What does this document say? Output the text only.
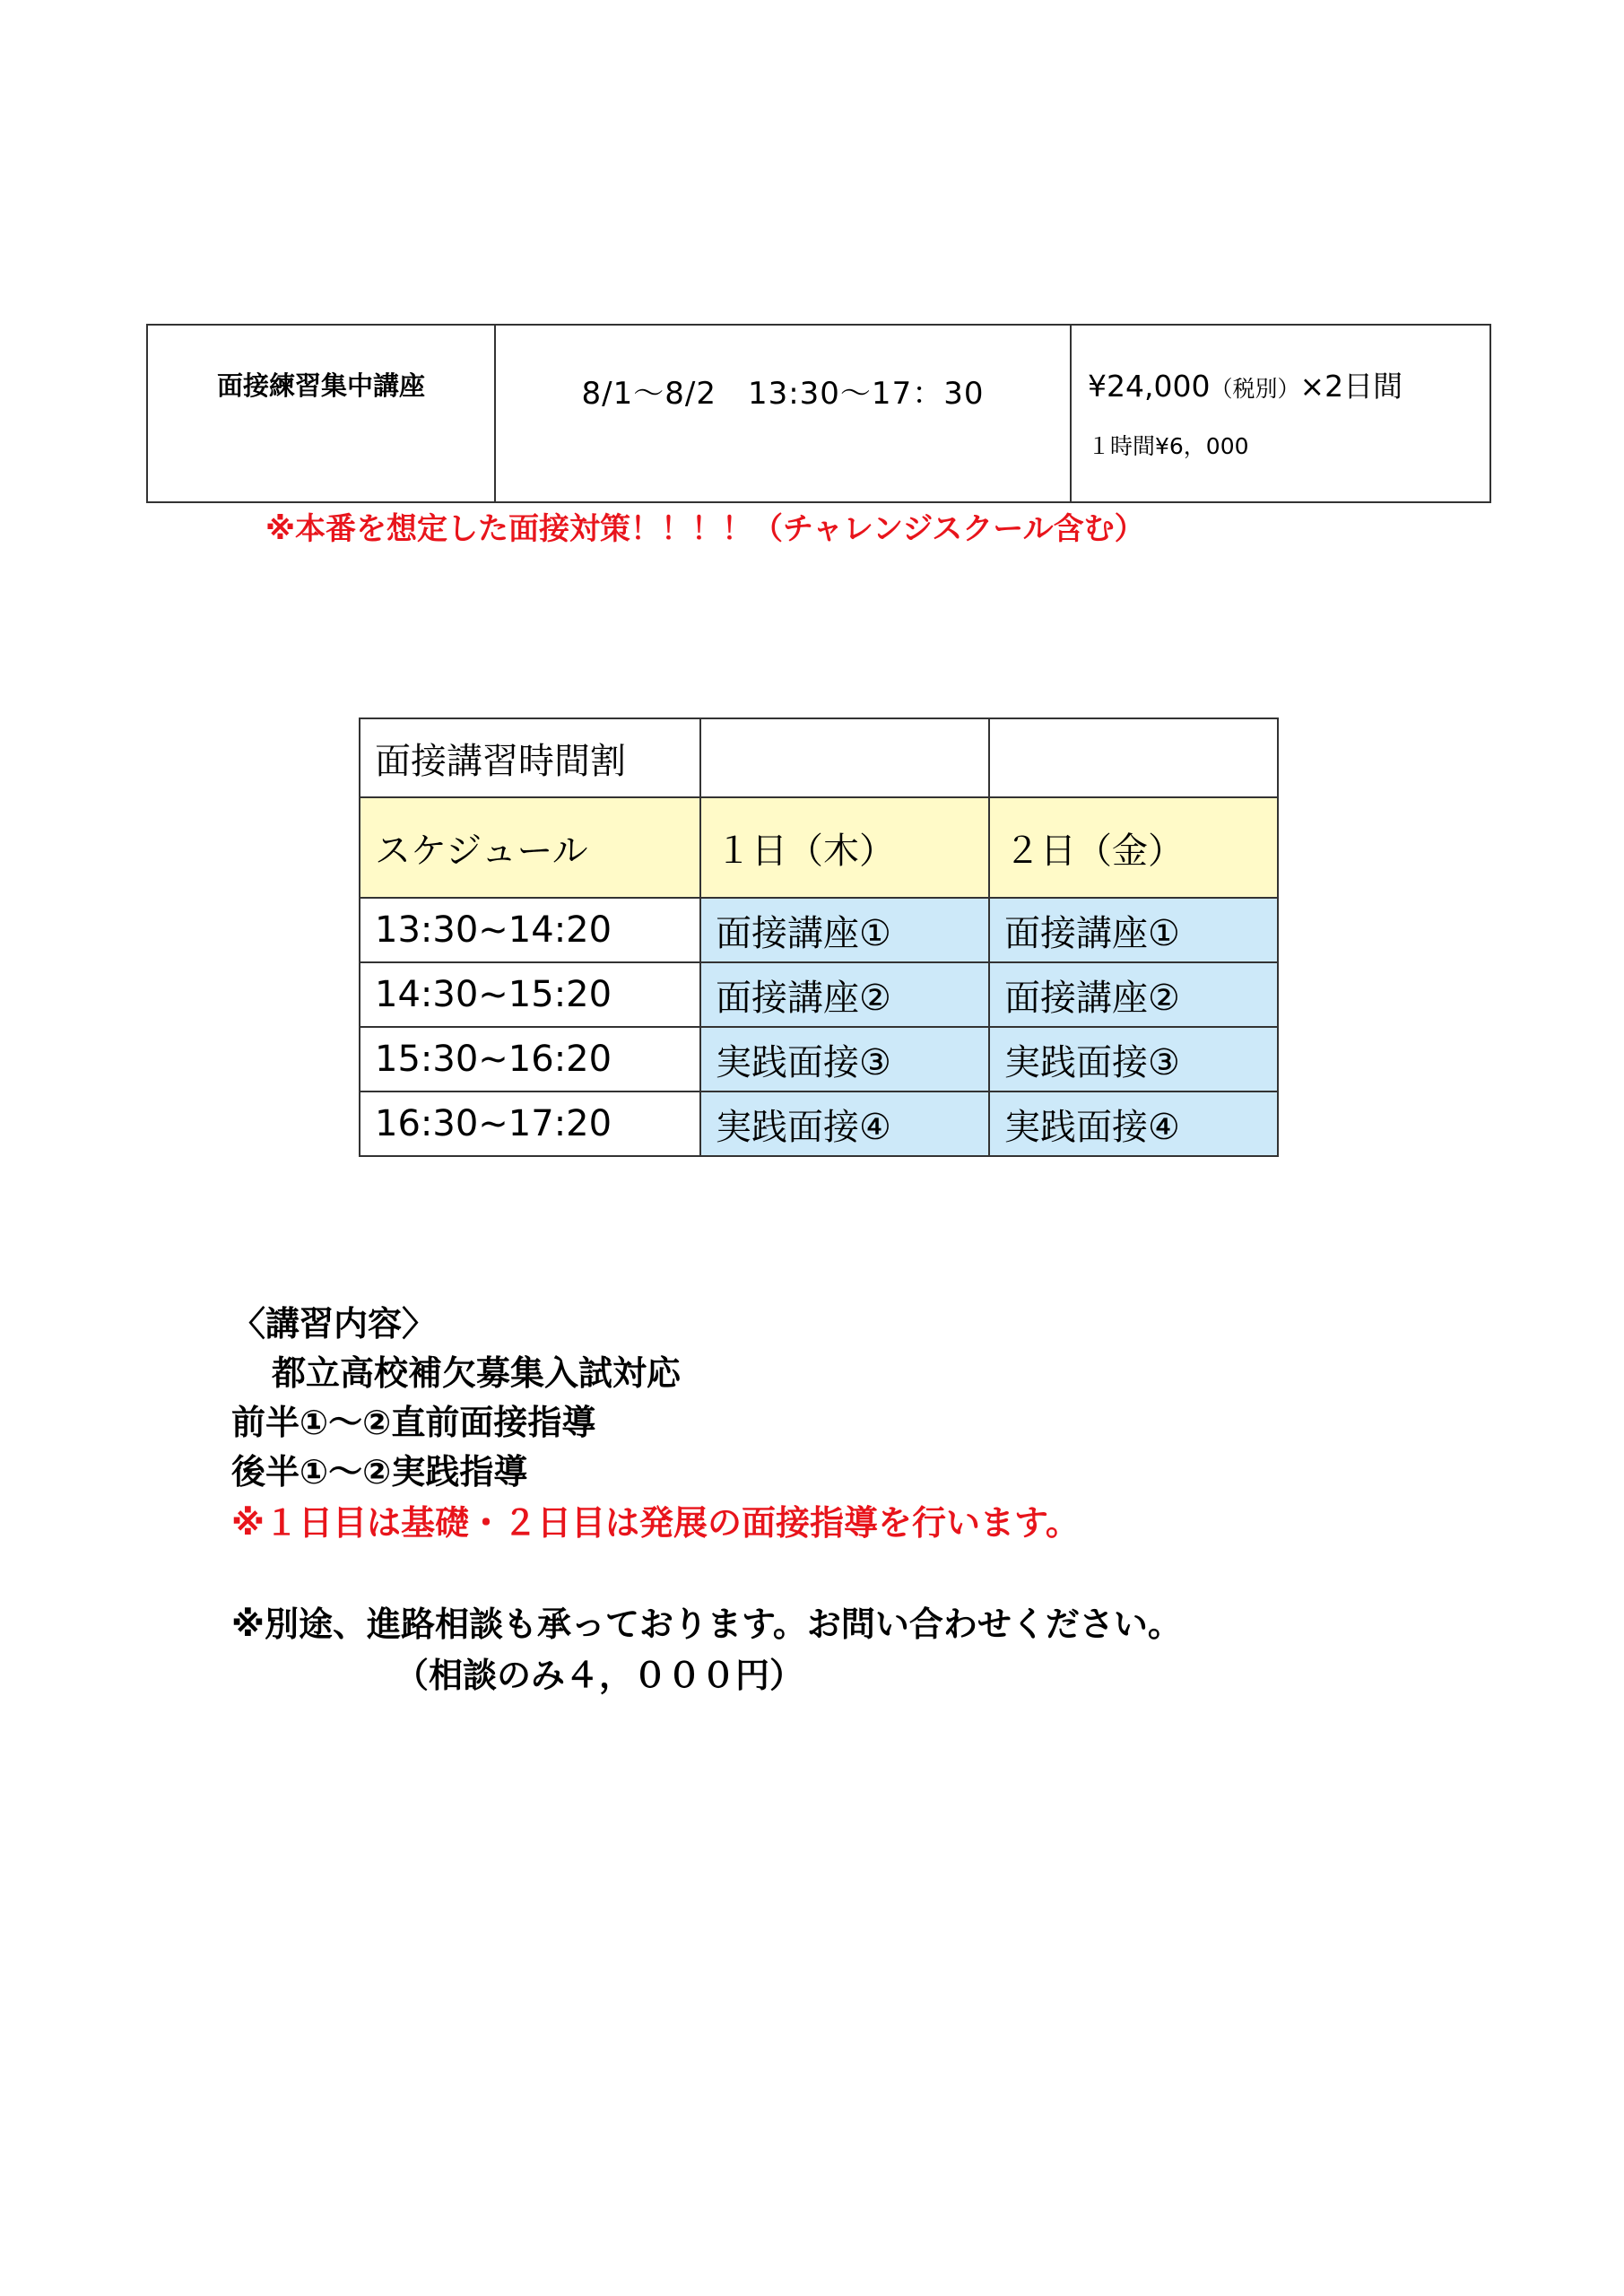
面接練習集中講座	8/1〜8/2　13:30〜17：30	¥24,000（税別）×2日間
１時間¥6，000
※本番を想定した面接対策！！！！（チャレンジスクール含む）
面接講習時間割		
スケジュール	１日（木）	２日（金）
13:30~14:20	面接講座①	面接講座①
14:30~15:20	面接講座②	面接講座②
15:30~16:20	実践面接③	実践面接③
16:30~17:20	実践面接④	実践面接④
〈講習内容〉
都立高校補欠募集入試対応
前半①〜②直前面接指導
後半①〜②実践指導
※１日目は基礎・２日目は発展の面接指導を行います。
※別途、進路相談も承っております。お問い合わせください。
（相談のみ４，０００円）
